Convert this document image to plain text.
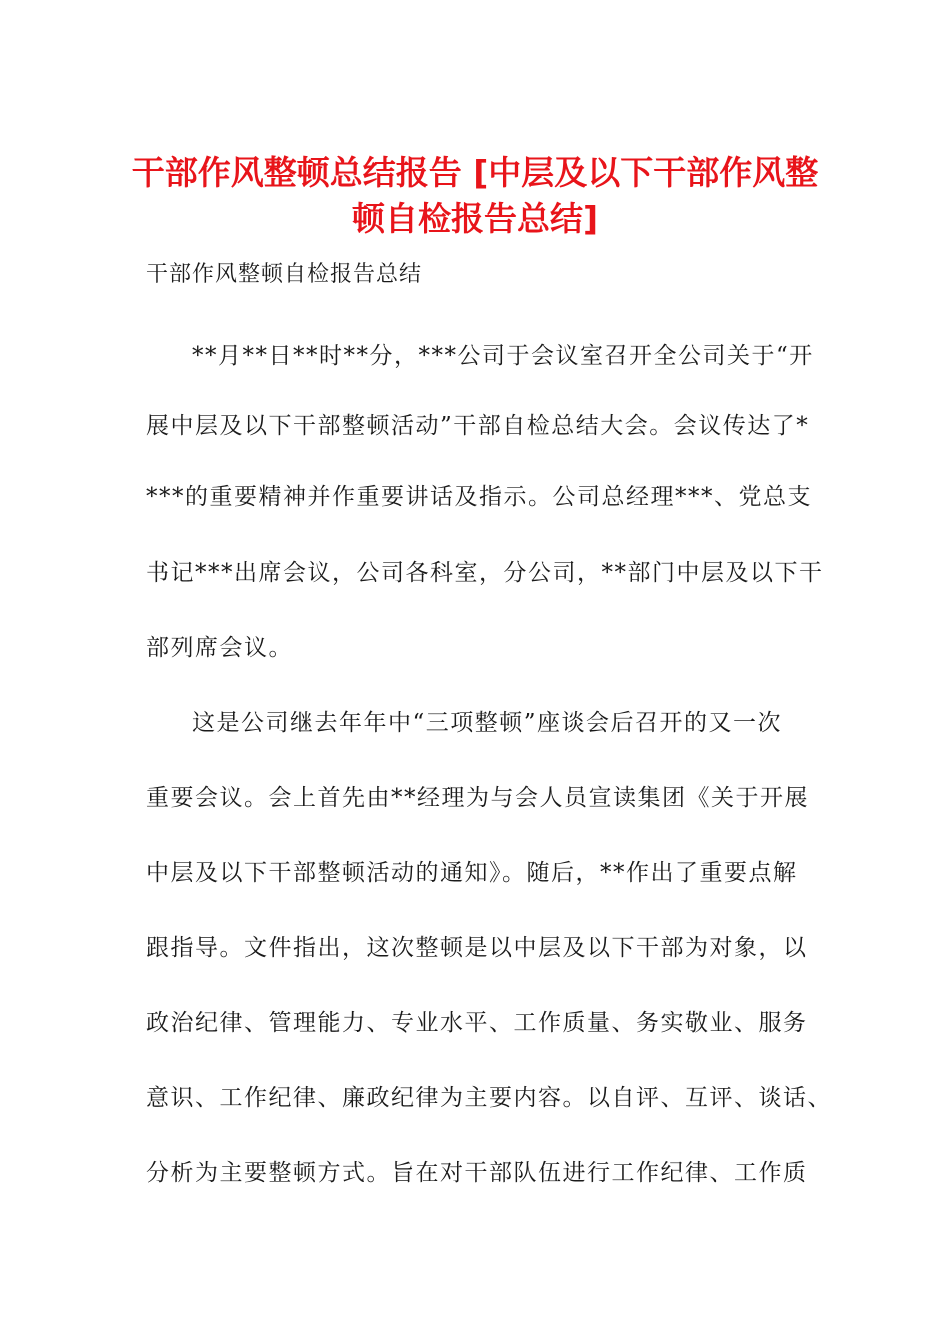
干部作风整顿总结报告 [中层及以下干部作风整顿自检报告总结]

干部作风整顿自检报告总结

**月**日**时**分，***公司于会议室召开全公司关于“开

展中层及以下干部整顿活动”干部自检总结大会。会议传达了*

***的重要精神并作重要讲话及指示。公司总经理***、党总支

书记***出席会议，公司各科室，分公司，**部门中层及以下干

部列席会议。

这是公司继去年年中“三项整顿”座谈会后召开的又一次

重要会议。会上首先由**经理为与会人员宣读集团《关于开展

中层及以下干部整顿活动的通知》。随后，**作出了重要点解

跟指导。文件指出，这次整顿是以中层及以下干部为对象，以

政治纪律、管理能力、专业水平、工作质量、务实敬业、服务

意识、工作纪律、廉政纪律为主要内容。以自评、互评、谈话、

分析为主要整顿方式。旨在对干部队伍进行工作纪律、工作质
